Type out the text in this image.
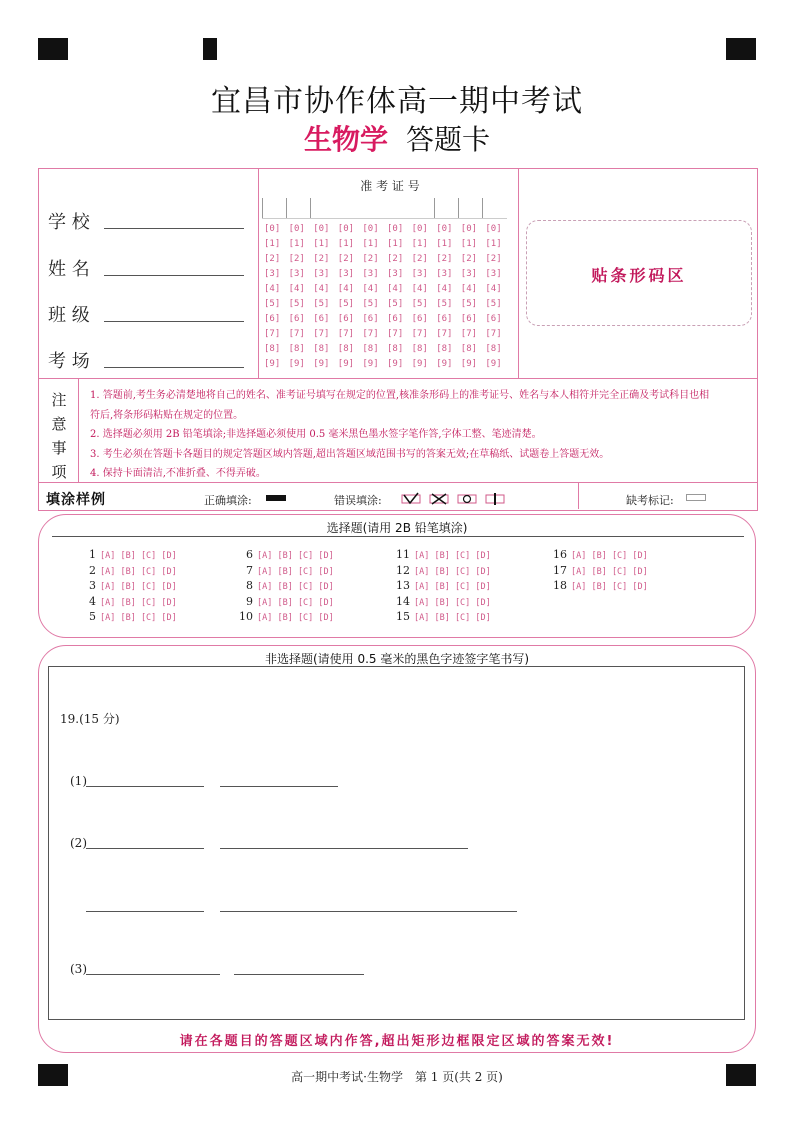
宜昌市协作体高一期中考试
生物学 答题卡
学 校
姓 名
班 级
考 场
准 考 证 号
[0] [0] [0] [0] [0] [0] [0] [0] [0] [0]
[1] [1] [1] [1] [1] [1] [1] [1] [1] [1]
[2] [2] [2] [2] [2] [2] [2] [2] [2] [2]
[3] [3] [3] [3] [3] [3] [3] [3] [3] [3]
[4] [4] [4] [4] [4] [4] [4] [4] [4] [4]
[5] [5] [5] [5] [5] [5] [5] [5] [5] [5]
[6] [6] [6] [6] [6] [6] [6] [6] [6] [6]
[7] [7] [7] [7] [7] [7] [7] [7] [7] [7]
[8] [8] [8] [8] [8] [8] [8] [8] [8] [8]
[9] [9] [9] [9] [9] [9] [9] [9] [9] [9]
贴条形码区
注
意
事
项
1. 答题前,考生务必清楚地将自己的姓名、准考证号填写在规定的位置,核准条形码上的准考证号、姓名与本人相符并完全正确及考试科目也相
符后,将条形码粘贴在规定的位置。
2. 选择题必须用 2B 铅笔填涂;非选择题必须使用 0.5 毫米黑色墨水签字笔作答,字体工整、笔迹清楚。
3. 考生必须在答题卡各题目的规定答题区域内答题,超出答题区域范围书写的答案无效;在草稿纸、试题卷上答题无效。
4. 保持卡面清洁,不准折叠、不得弄破。
填涂样例	正确填涂:	错误填涂:	缺考标记:
选择题(请用 2B 铅笔填涂)
1 [A] [B] [C] [D]
2 [A] [B] [C] [D]
3 [A] [B] [C] [D]
4 [A] [B] [C] [D]
5 [A] [B] [C] [D]
6 [A] [B] [C] [D]
7 [A] [B] [C] [D]
8 [A] [B] [C] [D]
9 [A] [B] [C] [D]
10 [A] [B] [C] [D]
11 [A] [B] [C] [D]
12 [A] [B] [C] [D]
13 [A] [B] [C] [D]
14 [A] [B] [C] [D]
15 [A] [B] [C] [D]
16 [A] [B] [C] [D]
17 [A] [B] [C] [D]
18 [A] [B] [C] [D]
非选择题(请使用 0.5 毫米的黑色字迹签字笔书写)
19.(15 分)
(1)
(2)
(3)
请在各题目的答题区域内作答,超出矩形边框限定区域的答案无效!
高一期中考试·生物学　第 1 页(共 2 页)
